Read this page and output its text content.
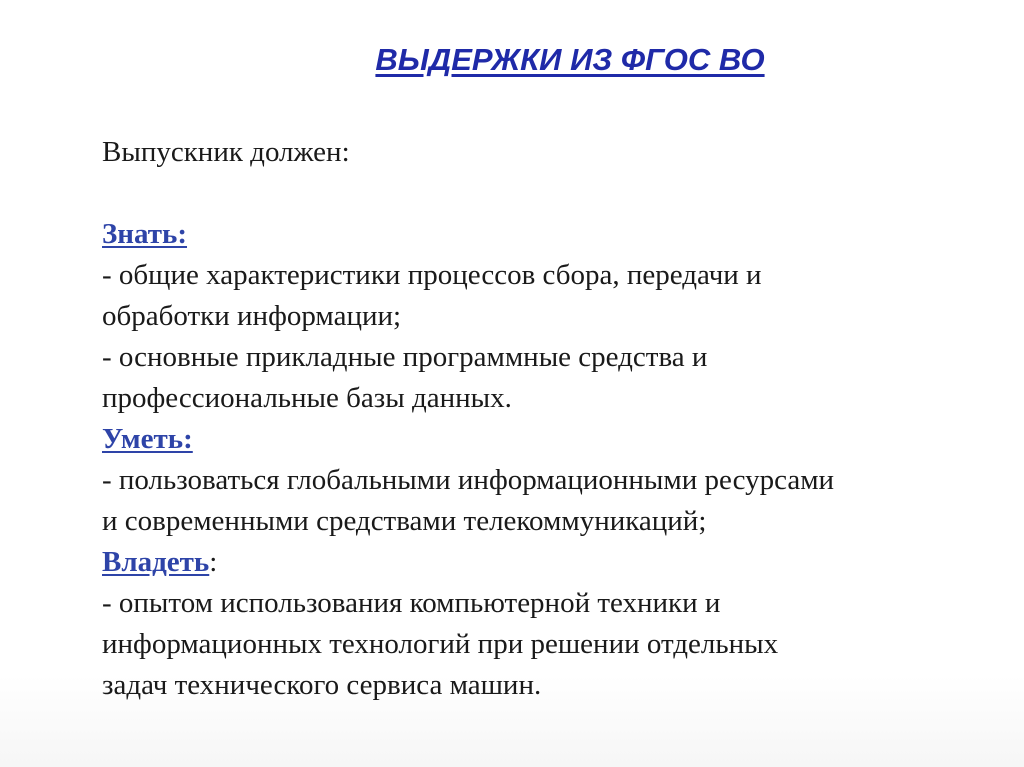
ВЫДЕРЖКИ ИЗ ФГОС ВО
Выпускник должен:
Знать:
- общие характеристики процессов сбора, передачи и
обработки информации;
- основные прикладные программные средства и
профессиональные базы данных.
Уметь:
- пользоваться глобальными информационными ресурсами
и современными средствами телекоммуникаций;
Владеть:
- опытом использования компьютерной техники и
информационных технологий при решении отдельных
задач технического сервиса машин.
